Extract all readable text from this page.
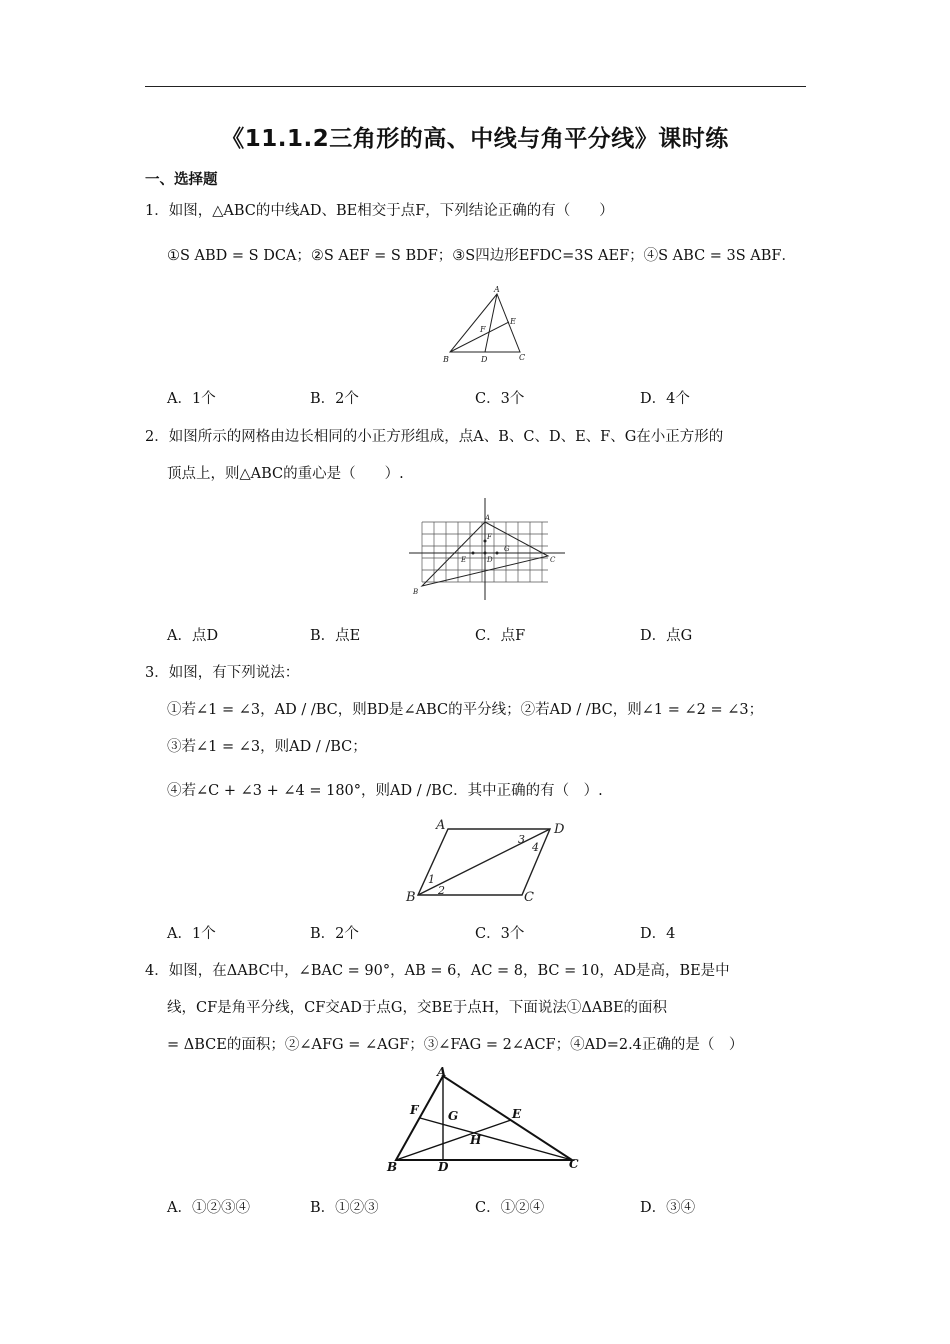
《11.1.2三角形的高、中线与角平分线》课时练
一、选择题
1．如图，△ABC的中线AD、BE相交于点F，下列结论正确的有（　　）
①S ABD = S DCA；②S AEF = S BDF；③S四边形EFDC=3S AEF；④S ABC = 3S ABF．
A
E
F
B	D	C
A．1个	B．2个	C．3个	D．4个
2．如图所示的网格由边长相同的小正方形组成，点A、B、C、D、E、F、G在小正方形的
顶点上，则△ABC的重心是（　　）.
A
F
G
E	D	C
B
A．点D	B．点E	C．点F	D．点G
3．如图，有下列说法：
①若∠1 = ∠3，AD / /BC，则BD是∠ABC的平分线；②若AD / /BC，则∠1 = ∠2 = ∠3；
③若∠1 = ∠3，则AD / /BC；
④若∠C + ∠3 + ∠4 = 180°，则AD / /BC．其中正确的有（　）.
A	D
3
4
1
2
B	C
A．1个	B．2个	C．3个	D．4
4．如图，在ΔABC中，∠BAC = 90°，AB = 6，AC = 8，BC = 10，AD是高，BE是中
线，CF是角平分线，CF交AD于点G，交BE于点H，下面说法①ΔABE的面积
= ΔBCE的面积；②∠AFG = ∠AGF；③∠FAG = 2∠ACF；④AD=2.4正确的是（　）
A
F G	E
H
B	D	C
A．①②③④	B．①②③	C．①②④	D．③④
